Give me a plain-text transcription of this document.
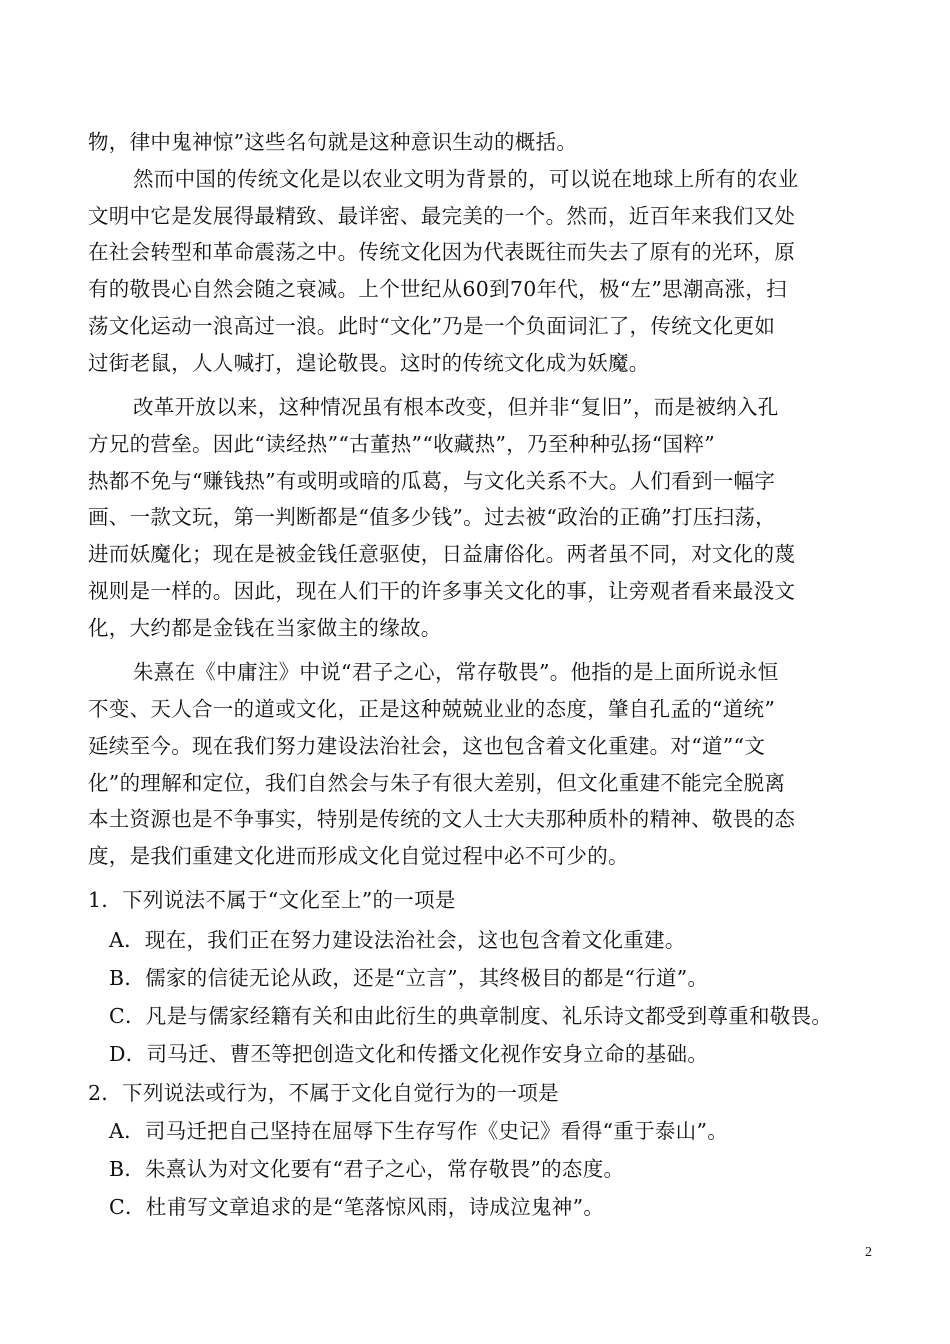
物，律中鬼神惊”这些名句就是这种意识生动的概括。
然而中国的传统文化是以农业文明为背景的，可以说在地球上所有的农业
文明中它是发展得最精致、最详密、最完美的一个。然而，近百年来我们又处
在社会转型和革命震荡之中。传统文化因为代表既往而失去了原有的光环，原
有的敬畏心自然会随之衰减。上个世纪从60到70年代，极“左”思潮高涨，扫
荡文化运动一浪高过一浪。此时“文化”乃是一个负面词汇了，传统文化更如
过街老鼠，人人喊打，遑论敬畏。这时的传统文化成为妖魔。
改革开放以来，这种情况虽有根本改变，但并非“复旧”，而是被纳入孔
方兄的营垒。因此“读经热”“古董热”“收藏热”，乃至种种弘扬“国粹”
热都不免与“赚钱热”有或明或暗的瓜葛，与文化关系不大。人们看到一幅字
画、一款文玩，第一判断都是“值多少钱”。过去被“政治的正确”打压扫荡，
进而妖魔化；现在是被金钱任意驱使，日益庸俗化。两者虽不同，对文化的蔑
视则是一样的。因此，现在人们干的许多事关文化的事，让旁观者看来最没文
化，大约都是金钱在当家做主的缘故。
朱熹在《中庸注》中说“君子之心，常存敬畏”。他指的是上面所说永恒
不变、天人合一的道或文化，正是这种兢兢业业的态度，肇自孔孟的“道统”
延续至今。现在我们努力建设法治社会，这也包含着文化重建。对“道”“文
化”的理解和定位，我们自然会与朱子有很大差别，但文化重建不能完全脱离
本土资源也是不争事实，特别是传统的文人士大夫那种质朴的精神、敬畏的态
度，是我们重建文化进而形成文化自觉过程中必不可少的。
1．下列说法不属于“文化至上”的一项是
A．现在，我们正在努力建设法治社会，这也包含着文化重建。
B．儒家的信徒无论从政，还是“立言”，其终极目的都是“行道”。
C．凡是与儒家经籍有关和由此衍生的典章制度、礼乐诗文都受到尊重和敬畏。
D．司马迁、曹丕等把创造文化和传播文化视作安身立命的基础。
2．下列说法或行为，不属于文化自觉行为的一项是
A．司马迁把自己坚持在屈辱下生存写作《史记》看得“重于泰山”。
B．朱熹认为对文化要有“君子之心，常存敬畏”的态度。
C．杜甫写文章追求的是“笔落惊风雨，诗成泣鬼神”。
2
